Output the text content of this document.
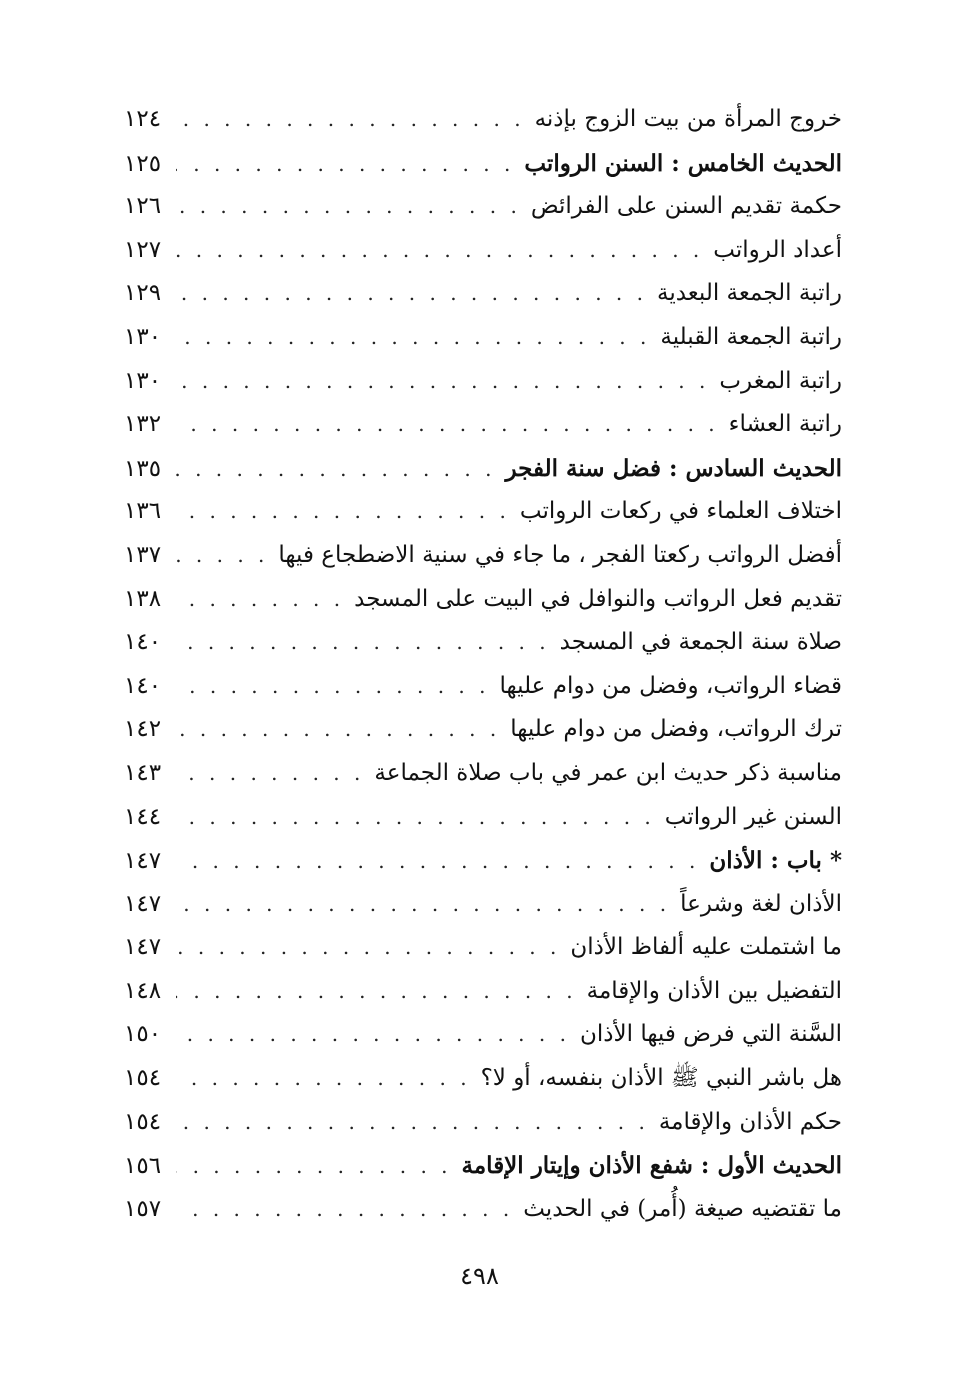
خروج المرأة من بيت الزوج بإذنه
. . .
١٢٤
الحديث الخامس : السنن الرواتب
. . .
١٢٥
حكمة تقديم السنن على الفرائض
. . .
١٢٦
أعداد الرواتب
. . .
١٢٧
راتبة الجمعة البعدية
. . .
١٢٩
راتبة الجمعة القبلية
. . .
١٣٠
راتبة المغرب
. . .
١٣٠
راتبة العشاء
. . .
١٣٢
الحديث السادس : فضل سنة الفجر
. . .
١٣٥
اختلاف العلماء في ركعات الرواتب
. . .
١٣٦
أفضل الرواتب ركعتا الفجر ، ما جاء في سنية الاضطجاع فيها
. . .
١٣٧
تقديم فعل الرواتب والنوافل في البيت على المسجد
. . .
١٣٨
صلاة سنة الجمعة في المسجد
. . .
١٤٠
قضاء الرواتب، وفضل من دوام عليها
. . .
١٤٠
ترك الرواتب، وفضل من دوام عليها
. . .
١٤٢
مناسبة ذكر حديث ابن عمر في باب صلاة الجماعة
. . .
١٤٣
السنن غير الرواتب
. . .
١٤٤
* باب : الأذان
. . .
١٤٧
الأذان لغة وشرعاً
. . .
١٤٧
ما اشتملت عليه ألفاظ الأذان
. . .
١٤٧
التفضيل بين الأذان والإقامة
. . .
١٤٨
السَّنة التي فرض فيها الأذان
. . .
١٥٠
هل باشر النبي ﷺ الأذان بنفسه، أو لا؟
. . .
١٥٤
حكم الأذان والإقامة
. . .
١٥٤
الحديث الأول : شفع الأذان وإيتار الإقامة
. . .
١٥٦
ما تقتضيه صيغة (أُمر) في الحديث
. . .
١٥٧
٤٩٨
